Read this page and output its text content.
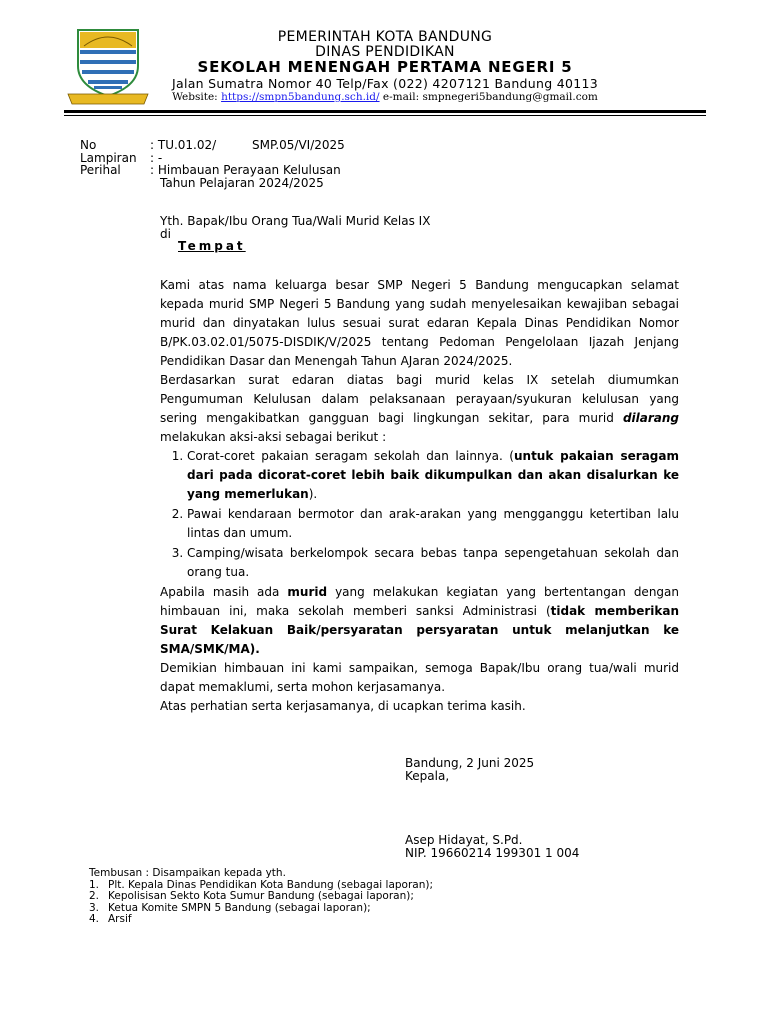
PEMERINTAH KOTA BANDUNG
DINAS PENDIDIKAN
SEKOLAH MENENGAH PERTAMA NEGERI 5
Jalan Sumatra Nomor 40 Telp/Fax (022) 4207121 Bandung 40113
Website: https://smpn5bandung.sch.id/ e-mail: smpnegeri5bandung@gmail.com
No	: TU.01.02/	SMP.05/VI/2025
Lampiran : -
Perihal : Himbauan Perayaan Kelulusan
Tahun Pelajaran 2024/2025
Yth. Bapak/Ibu Orang Tua/Wali Murid Kelas IX
di
Tempat

Kami atas nama keluarga besar SMP Negeri 5 Bandung mengucapkan selamat kepada murid SMP Negeri 5 Bandung yang sudah menyelesaikan kewajiban sebagai murid dan dinyatakan lulus sesuai surat edaran Kepala Dinas Pendidikan Nomor B/PK.03.02.01/5075-DISDIK/V/2025 tentang Pedoman Pengelolaan Ijazah Jenjang Pendidikan Dasar dan Menengah Tahun AJaran 2024/2025.

Berdasarkan surat edaran diatas bagi murid kelas IX setelah diumumkan Pengumuman Kelulusan dalam pelaksanaan perayaan/syukuran kelulusan yang sering mengakibatkan gangguan bagi lingkungan sekitar, para murid dilarang melakukan aksi-aksi sebagai berikut :

1. Corat-coret pakaian seragam sekolah dan lainnya. (untuk pakaian seragam dari pada dicorat-coret lebih baik dikumpulkan dan akan disalurkan ke yang memerlukan).
2. Pawai kendaraan bermotor dan arak-arakan yang mengganggu ketertiban lalu lintas dan umum.
3. Camping/wisata berkelompok secara bebas tanpa sepengetahuan sekolah dan orang tua.

Apabila masih ada murid yang melakukan kegiatan yang bertentangan dengan himbauan ini, maka sekolah memberi sanksi Administrasi (tidak memberikan Surat Kelakuan Baik/persyaratan persyaratan untuk melanjutkan ke SMA/SMK/MA).

Demikian himbauan ini kami sampaikan, semoga Bapak/Ibu orang tua/wali murid dapat memaklumi, serta mohon kerjasamanya.

Atas perhatian serta kerjasamanya, di ucapkan terima kasih.

Bandung, 2 Juni 2025
Kepala,
Asep Hidayat, S.Pd.
NIP. 19660214 199301 1 004
Tembusan : Disampaikan kepada yth.
1. Plt. Kepala Dinas Pendidikan Kota Bandung (sebagai laporan);
2. Kepolisisan Sekto Kota Sumur Bandung (sebagai laporan);
3. Ketua Komite SMPN 5 Bandung (sebagai laporan);
4. Arsif
